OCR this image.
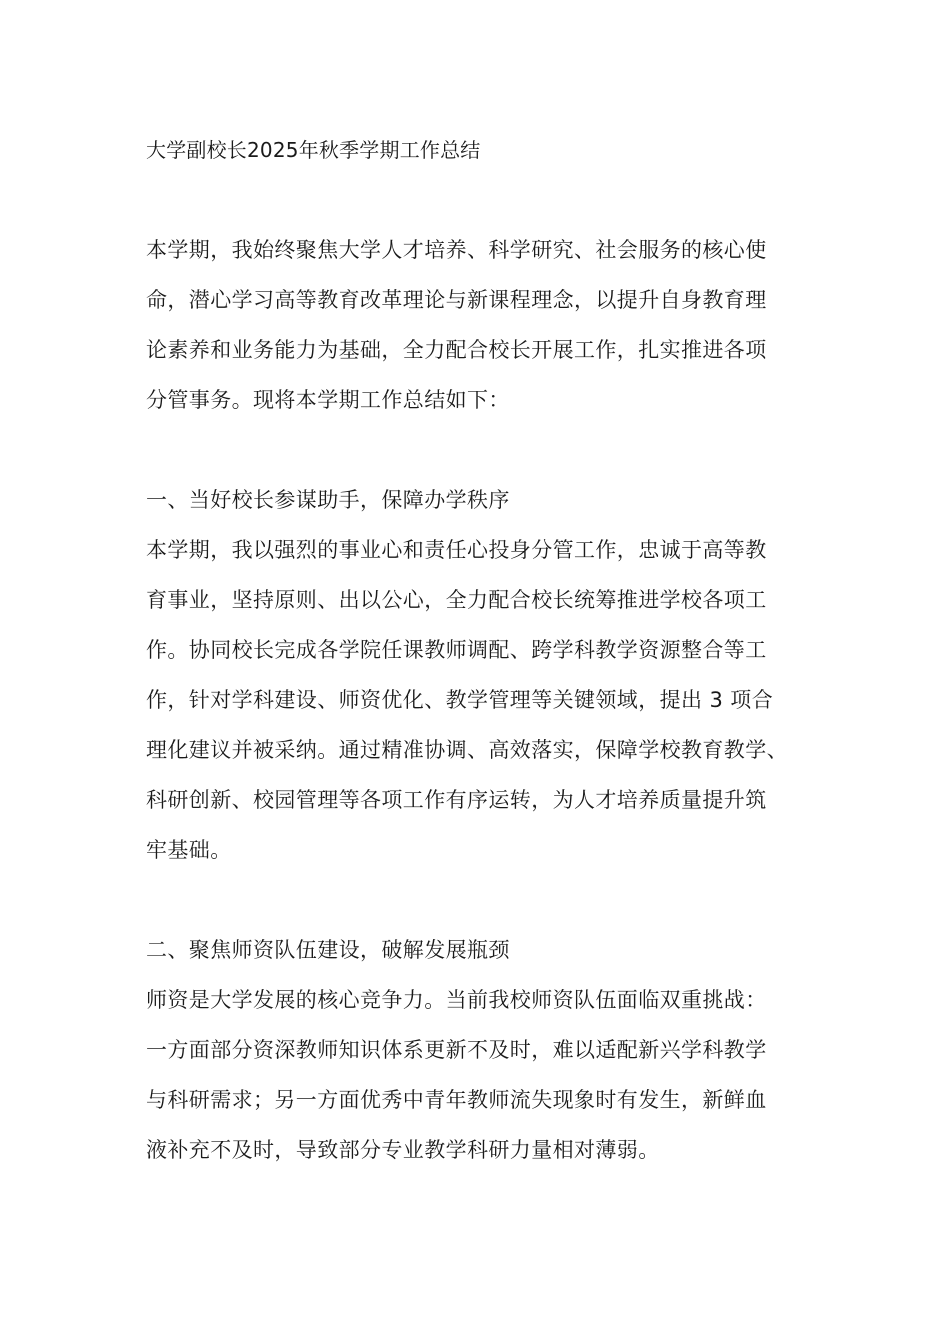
大学副校长2025年秋季学期工作总结
本学期，我始终聚焦大学人才培养、科学研究、社会服务的核心使
命，潜心学习高等教育改革理论与新课程理念，以提升自身教育理
论素养和业务能力为基础，全力配合校长开展工作，扎实推进各项
分管事务。现将本学期工作总结如下：
一、当好校长参谋助手，保障办学秩序
本学期，我以强烈的事业心和责任心投身分管工作，忠诚于高等教
育事业，坚持原则、出以公心，全力配合校长统筹推进学校各项工
作。协同校长完成各学院任课教师调配、跨学科教学资源整合等工
作，针对学科建设、师资优化、教学管理等关键领域，提出 3 项合
理化建议并被采纳。通过精准协调、高效落实，保障学校教育教学、
科研创新、校园管理等各项工作有序运转，为人才培养质量提升筑
牢基础。
二、聚焦师资队伍建设，破解发展瓶颈
师资是大学发展的核心竞争力。当前我校师资队伍面临双重挑战：
一方面部分资深教师知识体系更新不及时，难以适配新兴学科教学
与科研需求；另一方面优秀中青年教师流失现象时有发生，新鲜血
液补充不及时，导致部分专业教学科研力量相对薄弱。
